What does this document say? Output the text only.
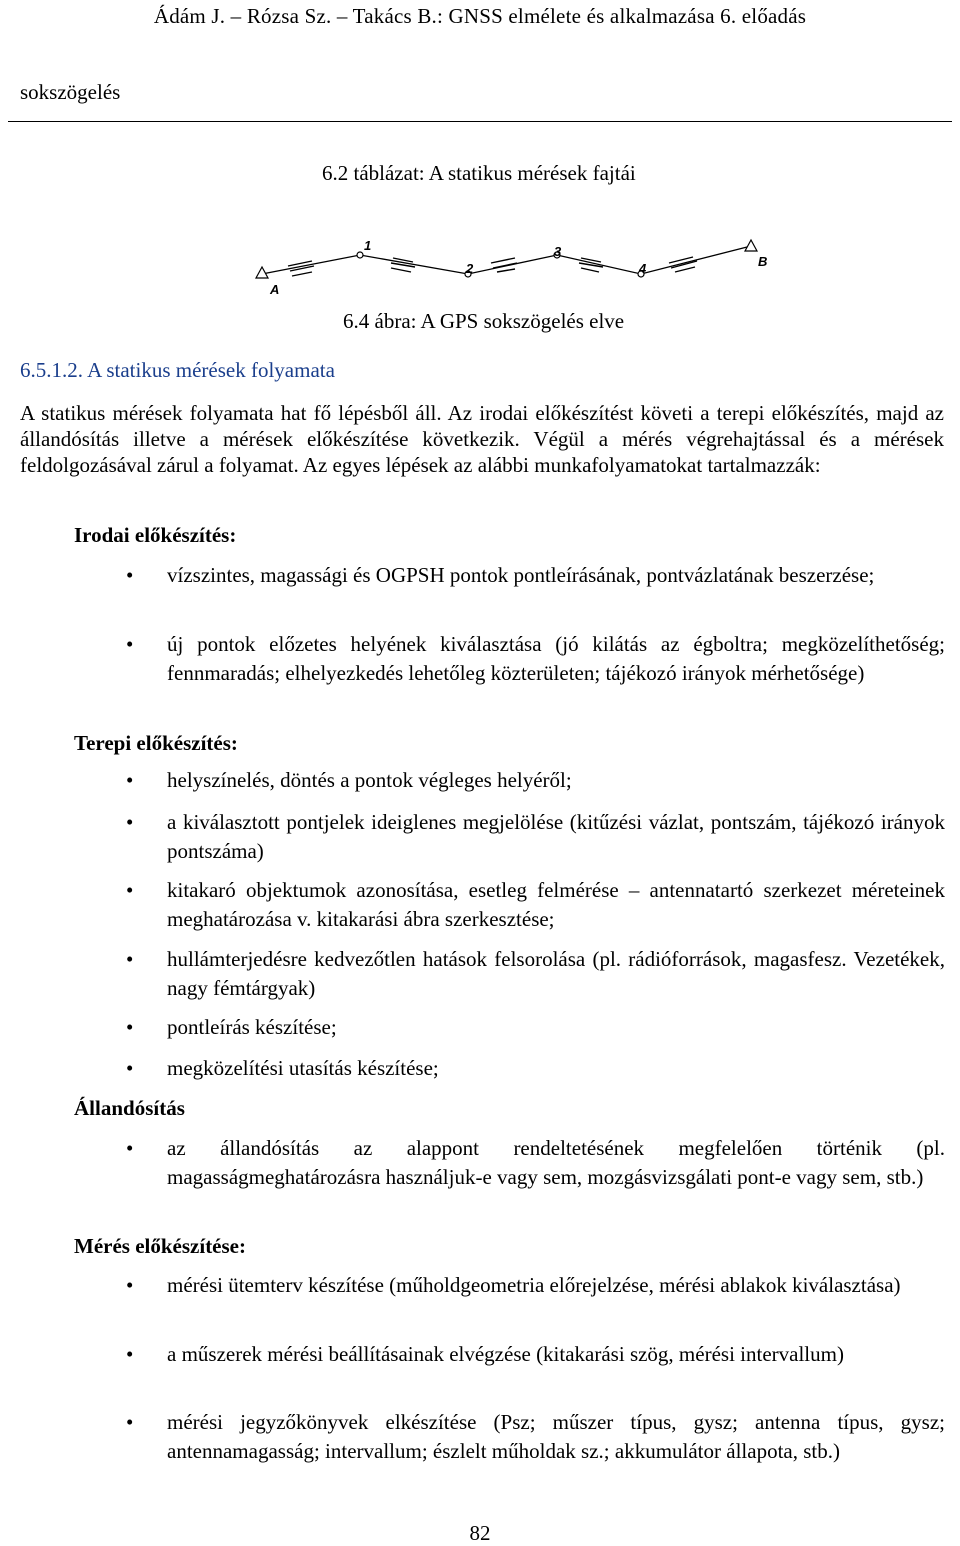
Ádám J. – Rózsa Sz. – Takács B.: GNSS elmélete és alkalmazása 6. előadás
sokszögelés
6.2 táblázat: A statikus mérések fajtái
A
1
2
3
4	B
6.4 ábra: A GPS sokszögelés elve
6.5.1.2. A statikus mérések folyamata
A statikus mérések folyamata hat fő lépésből áll. Az irodai előkészítést követi a terepi előkészítés, majd az állandósítás illetve a mérések előkészítése következik. Végül a mérés végrehajtással és a mérések feldolgozásával zárul a folyamat. Az egyes lépések az alábbi munkafolyamatokat tartalmazzák:
Irodai előkészítés:
• vízszintes, magassági és OGPSH pontok pontleírásának, pontvázlatának beszerzése;
• új pontok előzetes helyének kiválasztása (jó kilátás az égboltra; megközelíthetőség; fennmaradás; elhelyezkedés lehetőleg közterületen; tájékozó irányok mérhetősége)
Terepi előkészítés:
• helyszínelés, döntés a pontok végleges helyéről;
• a kiválasztott pontjelek ideiglenes megjelölése (kitűzési vázlat, pontszám, tájékozó irányok pontszáma)
• kitakaró objektumok azonosítása, esetleg felmérése – antennatartó szerkezet méreteinek meghatározása v. kitakarási ábra szerkesztése;
• hullámterjedésre kedvezőtlen hatások felsorolása (pl. rádióforrások, magasfesz. Vezetékek, nagy fémtárgyak)
• pontleírás készítése;
• megközelítési utasítás készítése;
Állandósítás
• az állandósítás az alappont rendeltetésének megfelelően történik (pl. magasságmeghatározásra használjuk-e vagy sem, mozgásvizsgálati pont-e vagy sem, stb.)
Mérés előkészítése:
• mérési ütemterv készítése (műholdgeometria előrejelzése, mérési ablakok kiválasztása)
• a műszerek mérési beállításainak elvégzése (kitakarási szög, mérési intervallum)
• mérési jegyzőkönyvek elkészítése (Psz; műszer típus, gysz; antenna típus, gysz; antennamagasság; intervallum; észlelt műholdak sz.; akkumulátor állapota, stb.)
82
